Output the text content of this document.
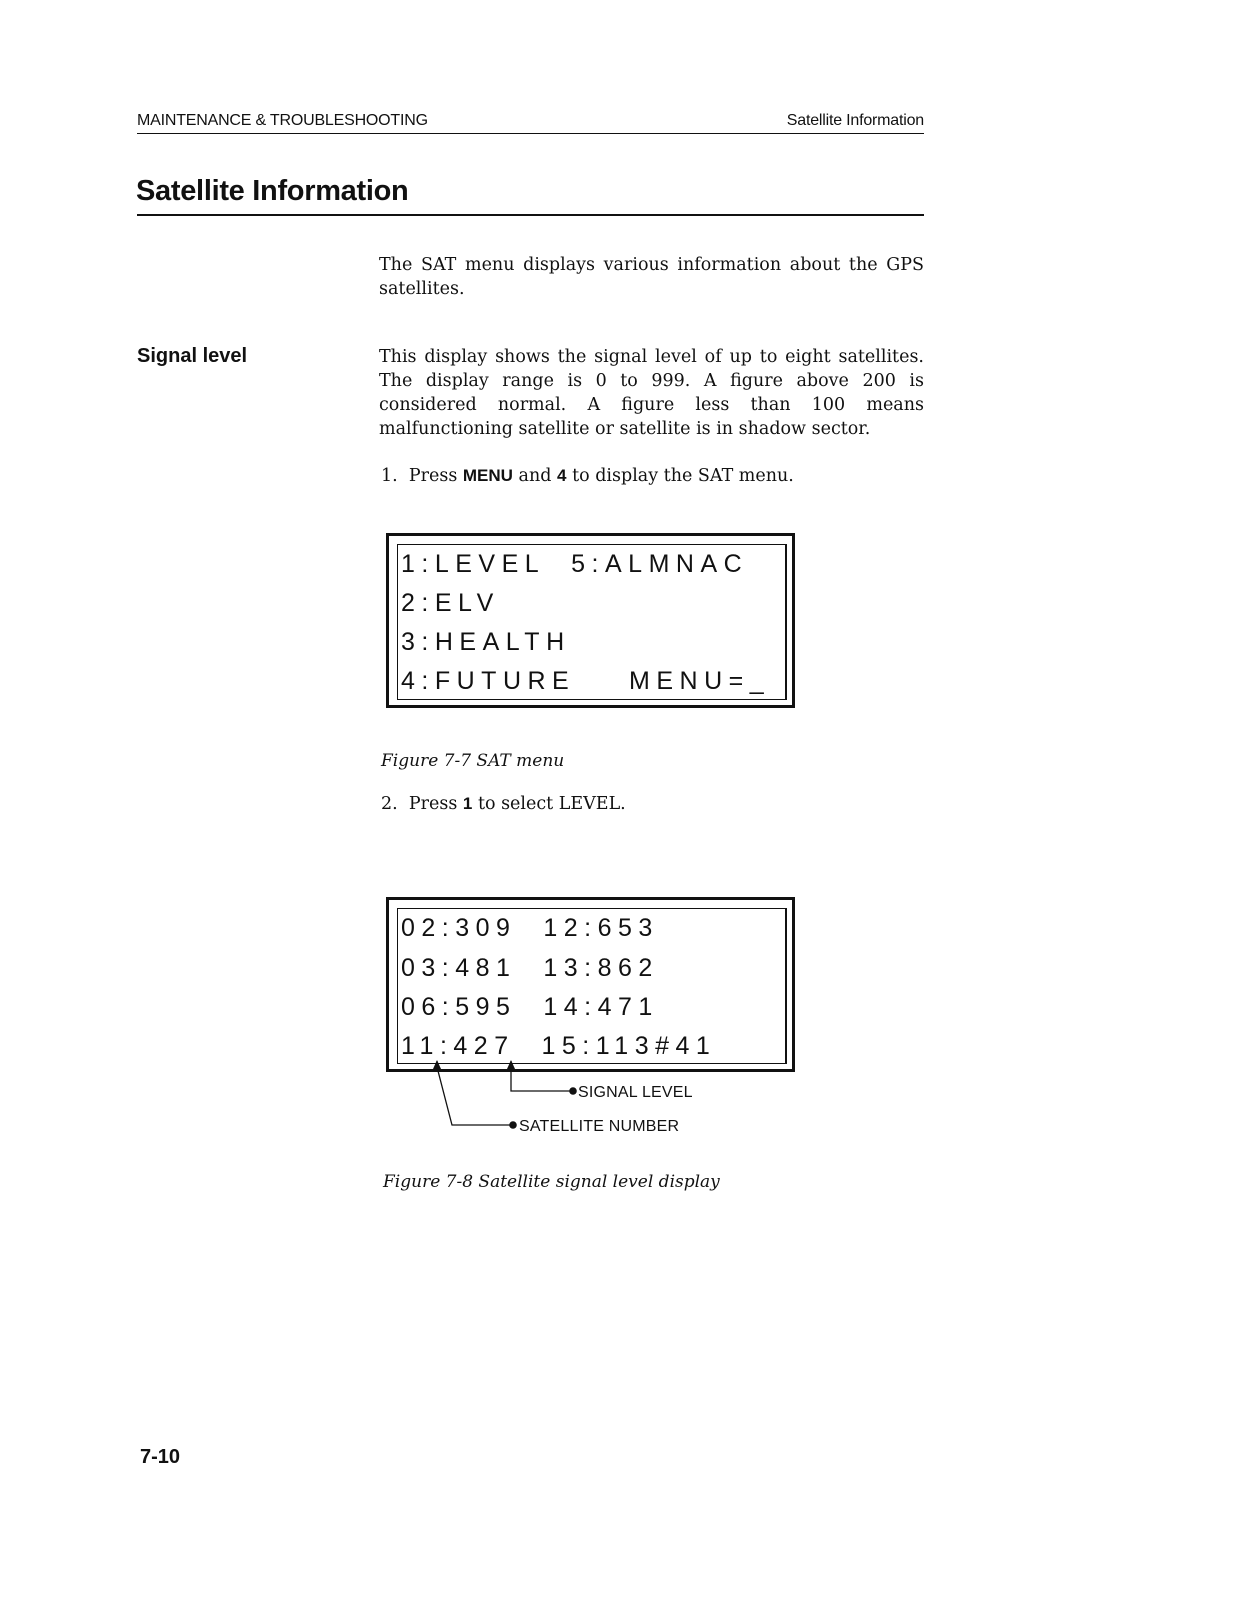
MAINTENANCE & TROUBLESHOOTING	Satellite Information
Satellite Information
The SAT menu displays various information about the GPS satellites.
Signal level	This display shows the signal level of up to eight satellites. The display range is 0 to 999. A figure above 200 is considered normal. A figure less than 100 means malfunctioning satellite or satellite is in shadow sector.
1. Press MENU and 4 to display the SAT menu.
1:LEVEL  5:ALMNAC
2:ELV
3:HEALTH
4:FUTURE    MENU=_
Figure 7-7 SAT menu
2. Press 1 to select LEVEL.
02:309  12:653
03:481  13:862
06:595  14:471
11:427  15:113#41
SIGNAL LEVEL
SATELLITE NUMBER
Figure 7-8 Satellite signal level display
7-10
